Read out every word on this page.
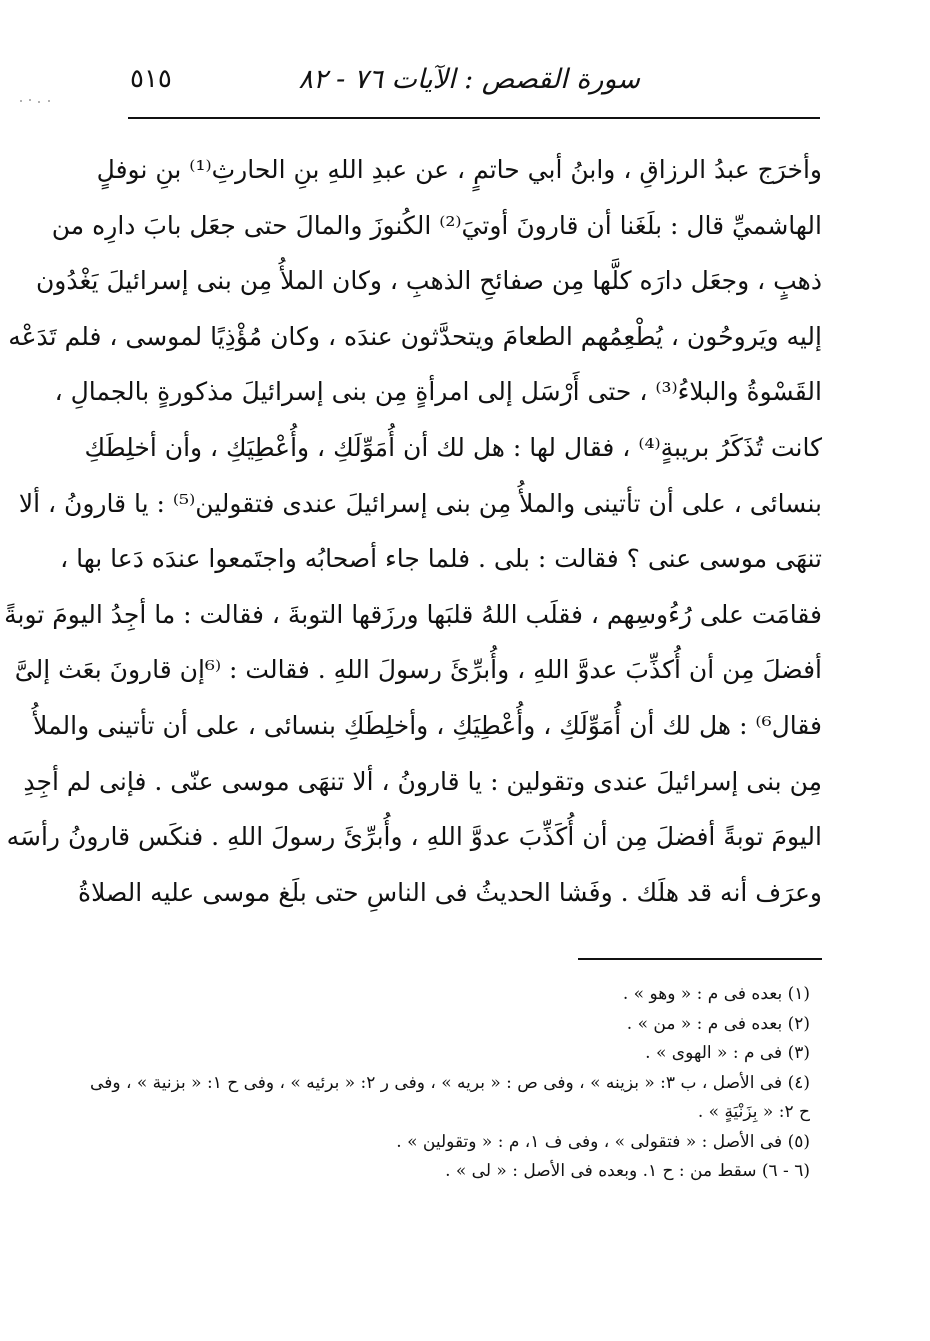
سورة القصص : الآيات ٧٦ - ٨٢
٥١٥
وأخرَج عبدُ الرزاقِ ، وابنُ أبي حاتمٍ ، عن عبدِ اللهِ بنِ الحارثِ⁽¹⁾ بنِ نوفلٍ
الهاشميِّ قال : بلَغَنا أن قارونَ أوتيَ⁽²⁾ الكُنوزَ والمالَ حتى جعَل بابَ دارِه من
ذهبٍ ، وجعَل دارَه كلَّها مِن صفائحِ الذهبِ ، وكان الملأُ مِن بنى إسرائيلَ يَغْدُون
إليه ويَروحُون ، يُطْعِمُهم الطعامَ ويتحدَّثون عندَه ، وكان مُؤْذِيًا لموسى ، فلم تَدَعْه
القَسْوةُ والبلاءُ⁽³⁾ ، حتى أَرْسَل إلى امرأةٍ مِن بنى إسرائيلَ مذكورةٍ بالجمالِ ،
كانت تُذَكَرُ بريبةٍ⁽⁴⁾ ، فقال لها : هل لك أن أُمَوِّلَكِ ، وأُعْطِيَكِ ، وأن أخلِطَكِ
بنسائى ، على أن تأتينى والملأُ مِن بنى إسرائيلَ عندى فتقولين⁽⁵⁾ : يا قارونُ ، ألا
تنهَى موسى عنى ؟ فقالت : بلى . فلما جاء أصحابُه واجتَمعوا عندَه دَعا بها ،
فقامَت على رُءُوسِهم ، فقلَب اللهُ قلبَها ورزَقها التوبةَ ، فقالت : ما أجِدُ اليومَ توبةً
أفضلَ مِن أن أُكذِّبَ عدوَّ اللهِ ، وأُبرِّئَ رسولَ اللهِ . فقالت : ⁽⁶إن قارونَ بعَث إلىَّ
فقال⁶⁾ : هل لك أن أُمَوِّلَكِ ، وأُعْطِيَكِ ، وأخلِطَكِ بنسائى ، على أن تأتينى والملأُ
مِن بنى إسرائيلَ عندى وتقولين : يا قارونُ ، ألا تنهَى موسى عنّى . فإنى لم أجِدِ
اليومَ توبةً أفضلَ مِن أن أُكَذِّبَ عدوَّ اللهِ ، وأُبرِّئَ رسولَ اللهِ . فنكَس قارونُ رأسَه
وعرَف أنه قد هلَك . وفَشا الحديثُ فى الناسِ حتى بلَغ موسى عليه الصلاةُ
(١) بعده فى م : « وهو » .
(٢) بعده فى م : « من » .
(٣) فى م : « الهوى » .
(٤) فى الأصل ، ب ٣: « بزينه » ، وفى ص : « بريه » ، وفى ر ٢: « برئيه » ، وفى ح ١: « بزنية » ، وفى
ح ٢: « بِزَنْيَةٍ » .
(٥) فى الأصل : « فتقولى » ، وفى ف ١، م : « وتقولين » .
(٦ - ٦) سقط من : ح ١. وبعده فى الأصل : « لى » .
